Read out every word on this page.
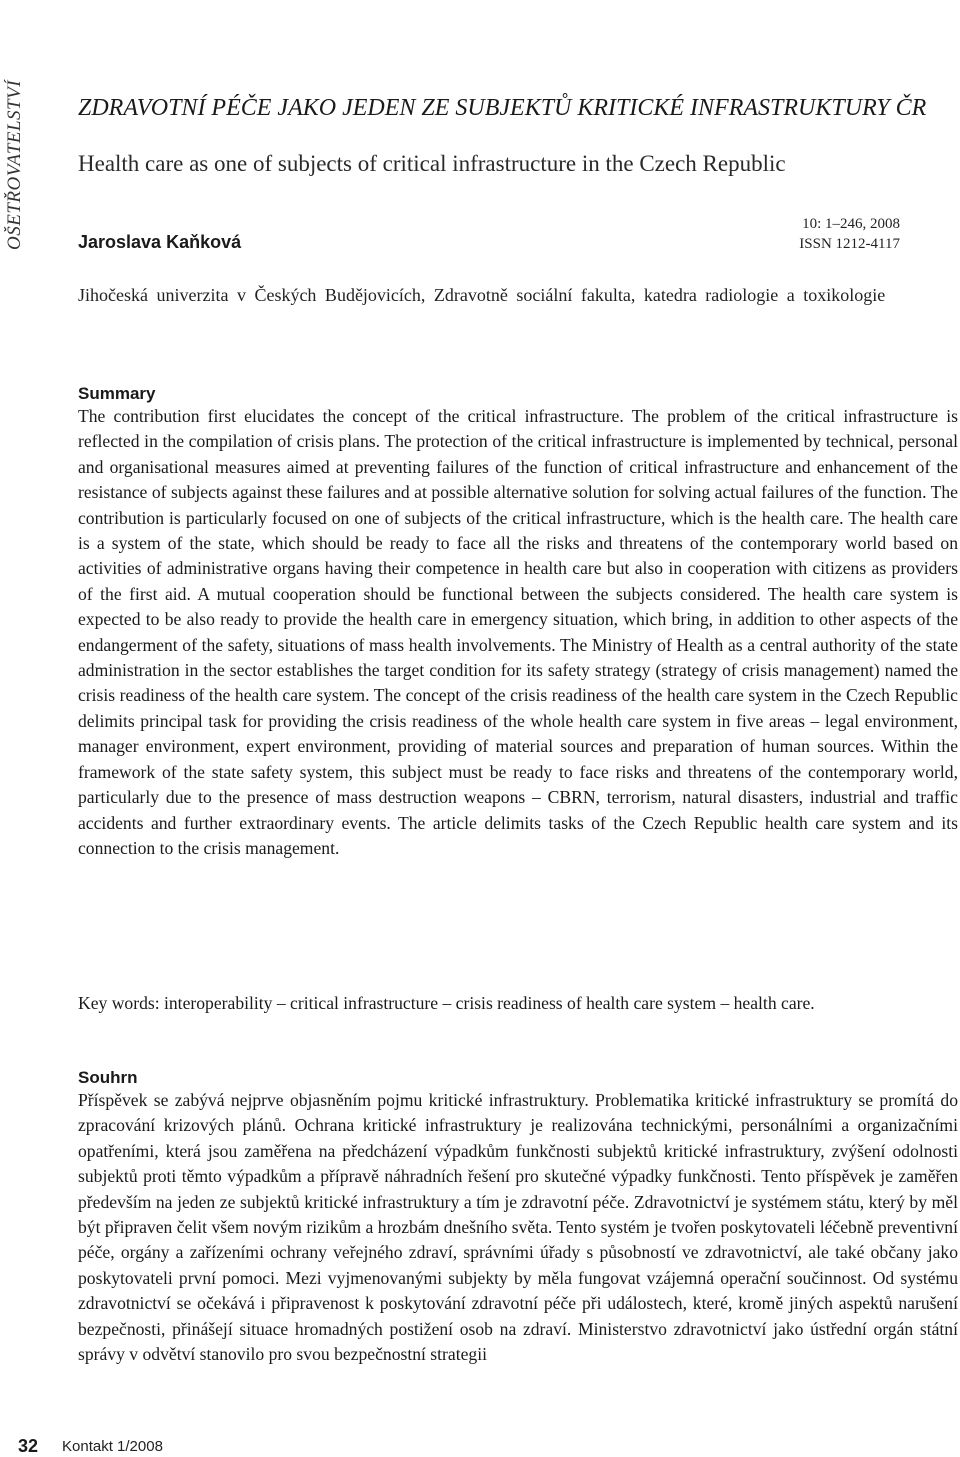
OŠETŘOVATELSTVÍ	ZDRAVOTNÍ PÉČE JAKO JEDEN ZE SUBJEKTŮ KRITICKÉ INFRASTRUKTURY ČR
Health care as one of subjects of critical infrastructure in the Czech Republic
10: 1–246, 2008
ISSN 1212-4117
Jaroslava Kaňková
Jihočeská univerzita v Českých Budějovicích, Zdravotně sociální fakulta, katedra radiologie a toxikologie
Summary

The contribution first elucidates the concept of the critical infrastructure. The problem of the critical infrastructure is reflected in the compilation of crisis plans. The protection of the critical infrastructure is implemented by technical, personal and organisational measures aimed at preventing failures of the function of critical infrastructure and enhancement of the resistance of subjects against these failures and at possible alternative solution for solving actual failures of the function. The contribution is particularly focused on one of subjects of the critical infrastructure, which is the health care. The health care is a system of the state, which should be ready to face all the risks and threatens of the contemporary world based on activities of administrative organs having their competence in health care but also in cooperation with citizens as providers of the first aid. A mutual cooperation should be functional between the subjects considered. The health care system is expected to be also ready to provide the health care in emergency situation, which bring, in addition to other aspects of the endangerment of the safety, situations of mass health involvements. The Ministry of Health as a central authority of the state administration in the sector establishes the target condition for its safety strategy (strategy of crisis management) named the crisis readiness of the health care system. The concept of the crisis readiness of the health care system in the Czech Republic delimits principal task for providing the crisis readiness of the whole health care system in five areas – legal environment, manager environment, expert environment, providing of material sources and preparation of human sources. Within the framework of the state safety system, this subject must be ready to face risks and threatens of the contemporary world, particularly due to the presence of mass destruction weapons – CBRN, terrorism, natural disasters, industrial and traffic accidents and further extraordinary events. The article delimits tasks of the Czech Republic health care system and its connection to the crisis management.

Key words: interoperability – critical infrastructure – crisis readiness of health care system – health care.

Souhrn

Příspěvek se zabývá nejprve objasněním pojmu kritické infrastruktury. Problematika kritické infrastruktury se promítá do zpracování krizových plánů. Ochrana kritické infrastruktury je realizována technickými, personálními a organizačními opatřeními, která jsou zaměřena na předcházení výpadkům funkčnosti subjektů kritické infrastruktury, zvýšení odolnosti subjektů proti těmto výpadkům a přípravě náhradních řešení pro skutečné výpadky funkčnosti. Tento příspěvek je zaměřen především na jeden ze subjektů kritické infrastruktury a tím je zdravotní péče. Zdravotnictví je systémem státu, který by měl být připraven čelit všem novým rizikům a hrozbám dnešního světa. Tento systém je tvořen poskytovateli léčebně preventivní péče, orgány a zařízeními ochrany veřejného zdraví, správními úřady s působností ve zdravotnictví, ale také občany jako poskytovateli první pomoci. Mezi vyjmenovanými subjekty by měla fungovat vzájemná operační součinnost. Od systému zdravotnictví se očekává i připravenost k poskytování zdravotní péče při událostech, které, kromě jiných aspektů narušení bezpečnosti, přinášejí situace hromadných postižení osob na zdraví. Ministerstvo zdravotnictví jako ústřední orgán státní správy v odvětví stanovilo pro svou bezpečnostní strategii

32 Kontakt 1/2008
